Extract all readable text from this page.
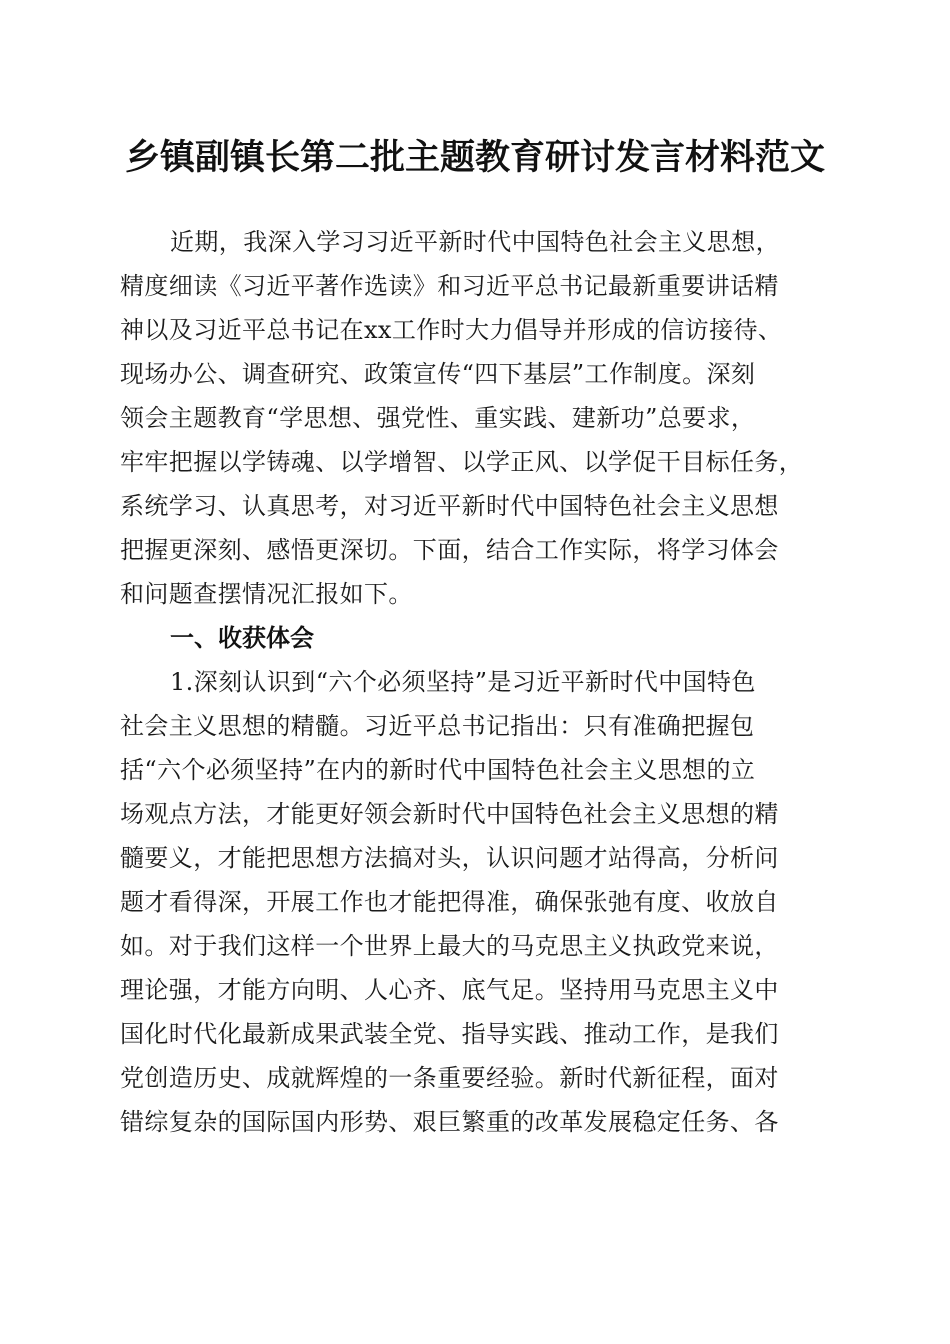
乡镇副镇长第二批主题教育研讨发言材料范文
近期，我深入学习习近平新时代中国特色社会主义思想，
精度细读《习近平著作选读》和习近平总书记最新重要讲话精
神以及习近平总书记在xx工作时大力倡导并形成的信访接待、
现场办公、调查研究、政策宣传“四下基层”工作制度。深刻
领会主题教育“学思想、强党性、重实践、建新功”总要求，
牢牢把握以学铸魂、以学增智、以学正风、以学促干目标任务，
系统学习、认真思考，对习近平新时代中国特色社会主义思想
把握更深刻、感悟更深切。下面，结合工作实际，将学习体会
和问题查摆情况汇报如下。
一、收获体会
1.深刻认识到“六个必须坚持”是习近平新时代中国特色
社会主义思想的精髓。习近平总书记指出：只有准确把握包
括“六个必须坚持”在内的新时代中国特色社会主义思想的立
场观点方法，才能更好领会新时代中国特色社会主义思想的精
髓要义，才能把思想方法搞对头，认识问题才站得高，分析问
题才看得深，开展工作也才能把得准，确保张弛有度、收放自
如。对于我们这样一个世界上最大的马克思主义执政党来说，
理论强，才能方向明、人心齐、底气足。坚持用马克思主义中
国化时代化最新成果武装全党、指导实践、推动工作，是我们
党创造历史、成就辉煌的一条重要经验。新时代新征程，面对
错综复杂的国际国内形势、艰巨繁重的改革发展稳定任务、各
